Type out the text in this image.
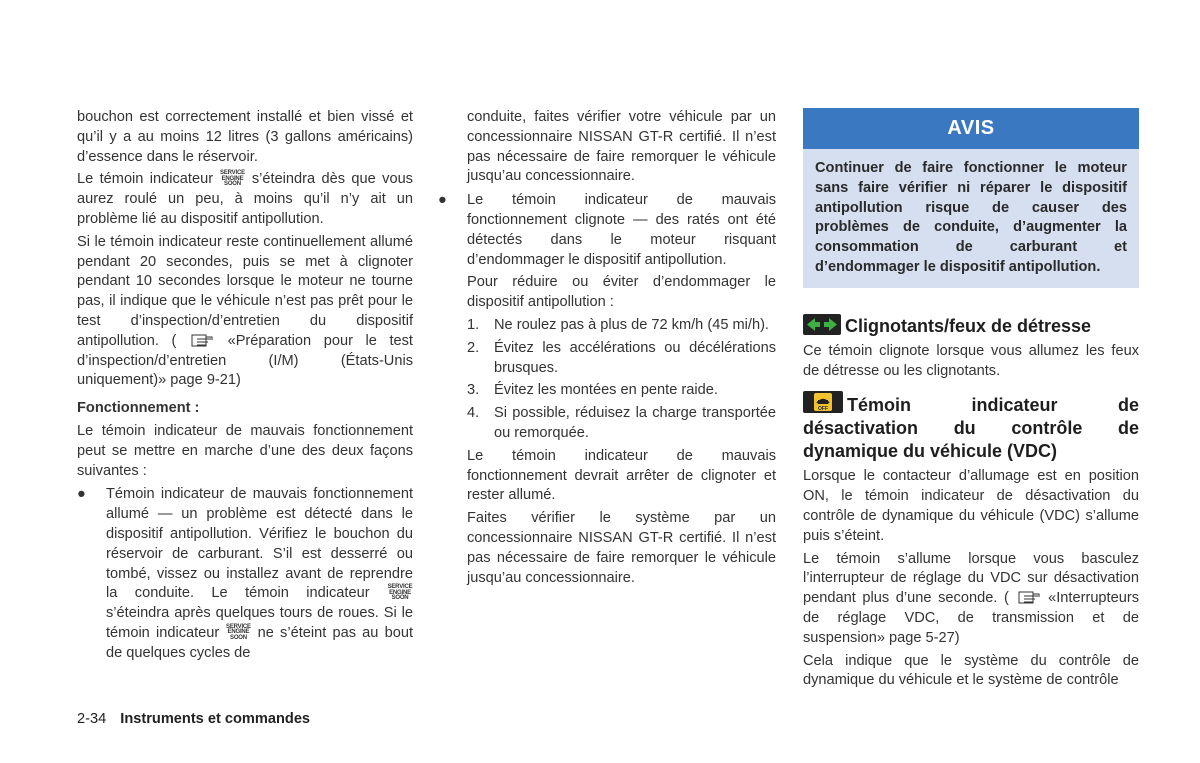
bouchon est correctement installé et bien vissé et qu’il y a au moins 12 litres (3 gallons américains) d’essence dans le réservoir.

Le témoin indicateur SERVICE
ENGINE
SOON s’éteindra dès que vous aurez roulé un peu, à moins qu’il n’y ait un problème lié au dispositif antipollution.

Si le témoin indicateur reste continuellement allumé pendant 20 secondes, puis se met à clignoter pendant 10 secondes lorsque le moteur ne tourne pas, il indique que le véhicule n’est pas prêt pour le test d’inspection/d’entretien du dispositif antipollution. (	«Préparation pour le test d’inspection/d’entretien (I/M) (États-Unis uniquement)» page 9-21)

Fonctionnement :

Le témoin indicateur de mauvais fonctionnement peut se mettre en marche d’une des deux façons suivantes :

● Témoin indicateur de mauvais fonctionnement allumé — un problème est détecté dans le dispositif antipollution. Vérifiez le bouchon du réservoir de carburant. S’il est desserré ou tombé, vissez ou installez avant de reprendre la conduite. Le témoin indicateur	SERVICE
ENGINE
SOON s’éteindra après quelques tours de roues. Si le témoin indicateur SERVICE
ENGINE
SOON ne s’éteint pas au bout de quelques cycles de

conduite, faites vérifier votre véhicule par un concessionnaire NISSAN GT-R certifié. Il n’est pas nécessaire de faire remorquer le véhicule jusqu’au concessionnaire.

● Le témoin indicateur de mauvais fonctionnement clignote — des ratés ont été détectés dans le moteur risquant d’endommager le dispositif antipollution.

Pour réduire ou éviter d’endommager le dispositif antipollution :

1. Ne roulez pas à plus de 72 km/h (45 mi/h).
2. Évitez les accélérations ou décélérations brusques.
3. Évitez les montées en pente raide.
4. Si possible, réduisez la charge transportée ou remorquée.

Le témoin indicateur de mauvais fonctionnement devrait arrêter de clignoter et rester allumé.

Faites vérifier le système par un concessionnaire NISSAN GT-R certifié. Il n’est pas nécessaire de faire remorquer le véhicule jusqu’au concessionnaire.

AVIS
Continuer de faire fonctionner le moteur sans faire vérifier ni réparer le dispositif antipollution risque de causer des problèmes de conduite, d’augmenter la consommation de carburant et d’endommager le dispositif antipollution.
Clignotants/feux de détresse

Ce témoin clignote lorsque vous allumez les feux de détresse ou les clignotants.

OFF Témoin indicateur de désactivation du contrôle de dynamique du véhicule (VDC)

Lorsque le contacteur d’allumage est en position ON, le témoin indicateur de désactivation du contrôle de dynamique du véhicule (VDC) s’allume puis s’éteint.

Le témoin s’allume lorsque vous basculez l’interrupteur de réglage du VDC sur désactivation pendant plus d’une seconde. (	«Interrupteurs de réglage VDC, de transmission et de suspension» page 5-27)

Cela indique que le système du contrôle de dynamique du véhicule et le système de contrôle

2-34 Instruments et commandes
